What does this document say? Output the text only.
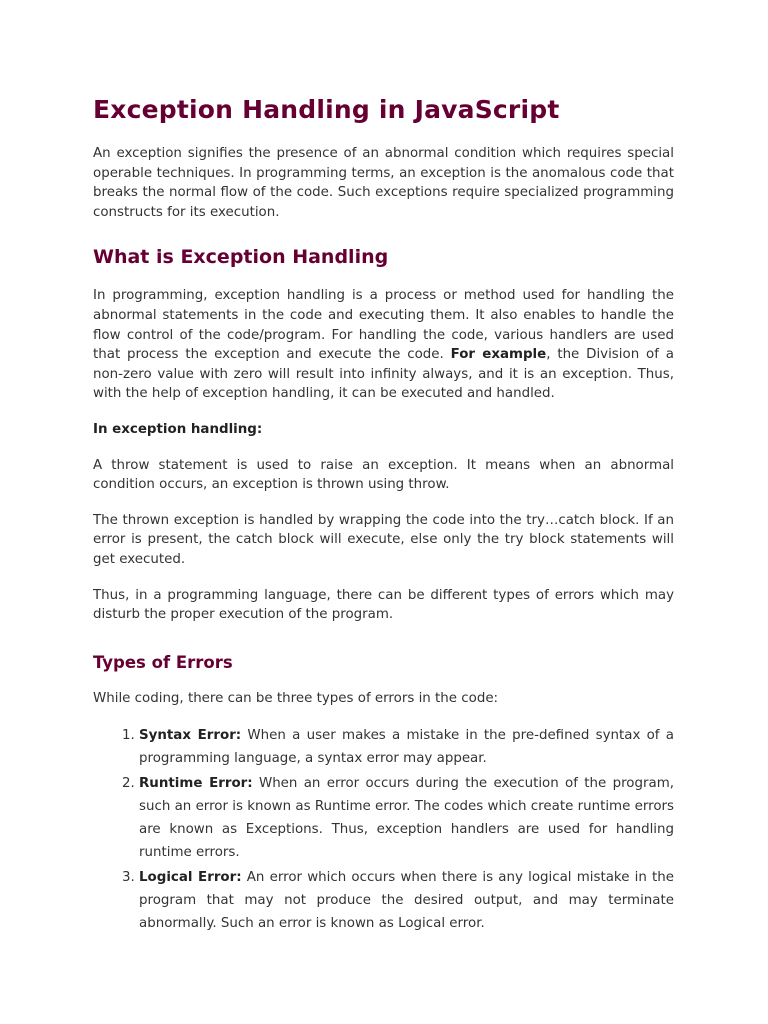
Exception Handling in JavaScript

An exception signifies the presence of an abnormal condition which requires special operable techniques. In programming terms, an exception is the anomalous code that breaks the normal flow of the code. Such exceptions require specialized programming constructs for its execution.

What is Exception Handling

In programming, exception handling is a process or method used for handling the abnormal statements in the code and executing them. It also enables to handle the flow control of the code/program. For handling the code, various handlers are used that process the exception and execute the code. For example, the Division of a non-zero value with zero will result into infinity always, and it is an exception. Thus, with the help of exception handling, it can be executed and handled.

In exception handling:

A throw statement is used to raise an exception. It means when an abnormal condition occurs, an exception is thrown using throw.

The thrown exception is handled by wrapping the code into the try…catch block. If an error is present, the catch block will execute, else only the try block statements will get executed.

Thus, in a programming language, there can be different types of errors which may disturb the proper execution of the program.

Types of Errors

While coding, there can be three types of errors in the code:

1. Syntax Error: When a user makes a mistake in the pre-defined syntax of a programming language, a syntax error may appear.
2. Runtime Error: When an error occurs during the execution of the program, such an error is known as Runtime error. The codes which create runtime errors are known as Exceptions. Thus, exception handlers are used for handling runtime errors.
3. Logical Error: An error which occurs when there is any logical mistake in the program that may not produce the desired output, and may terminate abnormally. Such an error is known as Logical error.
